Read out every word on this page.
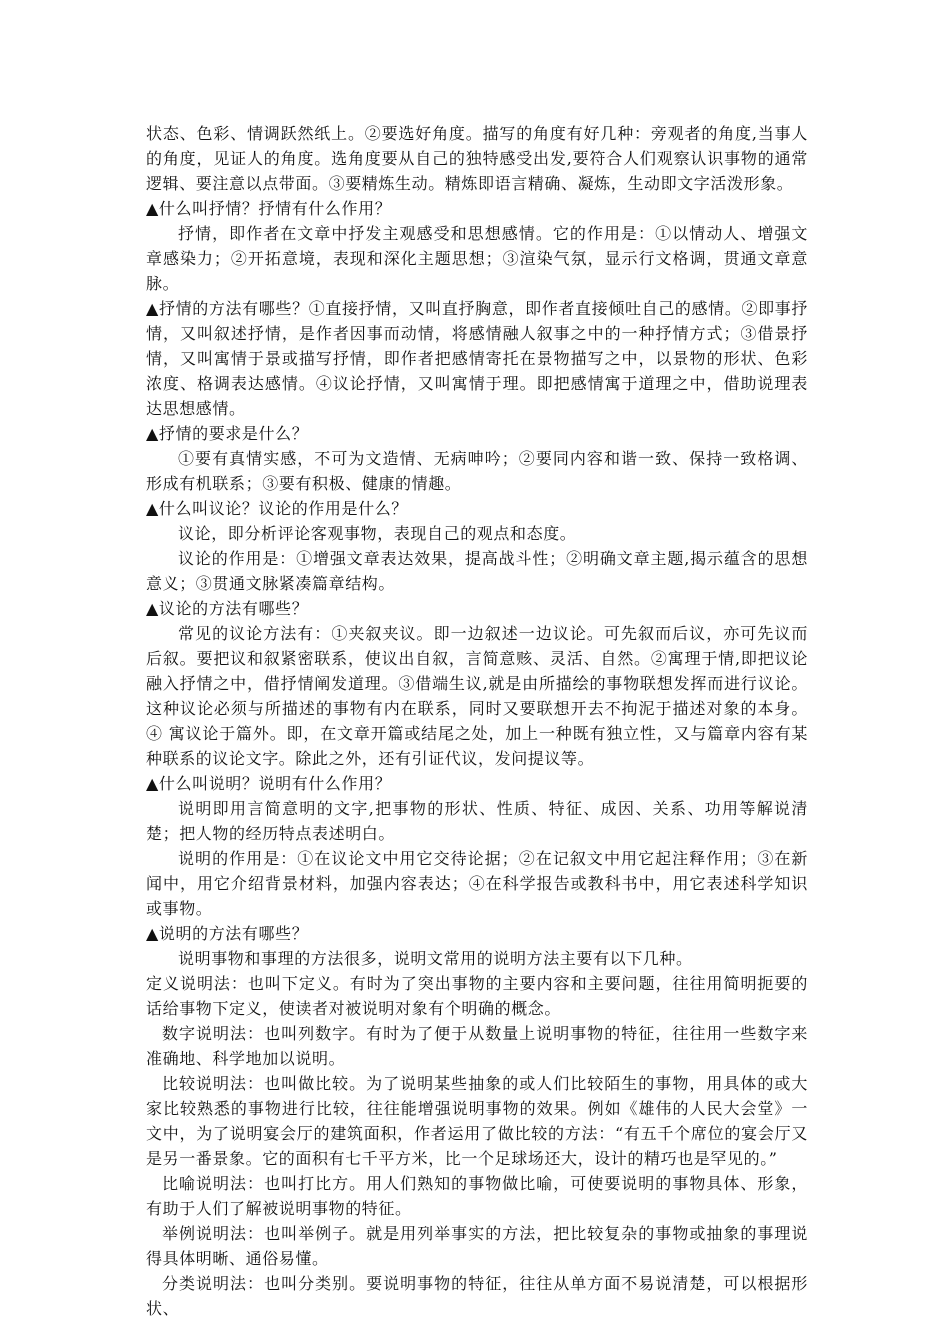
状态、色彩、情调跃然纸上。②要选好角度。描写的角度有好几种：旁观者的角度,当事人的角度，见证人的角度。选角度要从自己的独特感受出发,要符合人们观察认识事物的通常逻辑、要注意以点带面。③要精炼生动。精炼即语言精确、凝炼，生动即文字活泼形象。

▲什么叫抒情？抒情有什么作用？

抒情，即作者在文章中抒发主观感受和思想感情。它的作用是：①以情动人、增强文章感染力；②开拓意境，表现和深化主题思想；③渲染气氛，显示行文格调，贯通文章意脉。

▲抒情的方法有哪些？①直接抒情，又叫直抒胸意，即作者直接倾吐自己的感情。②即事抒情，又叫叙述抒情，是作者因事而动情，将感情融人叙事之中的一种抒情方式；③借景抒情，又叫寓情于景或描写抒情，即作者把感情寄托在景物描写之中，以景物的形状、色彩浓度、格调表达感情。④议论抒情，又叫寓情于理。即把感情寓于道理之中，借助说理表达思想感情。

▲抒情的要求是什么？

①要有真情实感，不可为文造情、无病呻吟；②要同内容和谐一致、保持一致格调、形成有机联系；③要有积极、健康的情趣。

▲什么叫议论？议论的作用是什么？

议论，即分析评论客观事物，表现自己的观点和态度。

议论的作用是：①增强文章表达效果，提高战斗性；②明确文章主题,揭示蕴含的思想意义；③贯通文脉紧凑篇章结构。

▲议论的方法有哪些？

常见的议论方法有：①夹叙夹议。即一边叙述一边议论。可先叙而后议，亦可先议而后叙。要把议和叙紧密联系，使议出自叙，言简意赅、灵活、自然。②寓理于情,即把议论融入抒情之中，借抒情阐发道理。③借端生议,就是由所描绘的事物联想发挥而进行议论。这种议论必须与所描述的事物有内在联系，同时又要联想开去不拘泥于描述对象的本身。 ④ 寓议论于篇外。即，在文章开篇或结尾之处，加上一种既有独立性，又与篇章内容有某种联系的议论文字。除此之外，还有引证代议，发问提议等。

▲什么叫说明？说明有什么作用？

说明即用言简意明的文字,把事物的形状、性质、特征、成因、关系、功用等解说清楚；把人物的经历特点表述明白。

说明的作用是：①在议论文中用它交待论据；②在记叙文中用它起注释作用；③在新闻中，用它介绍背景材料，加强内容表达；④在科学报告或教科书中，用它表述科学知识或事物。

▲说明的方法有哪些？

说明事物和事理的方法很多，说明文常用的说明方法主要有以下几种。

定义说明法：也叫下定义。有时为了突出事物的主要内容和主要问题，往往用简明扼要的话给事物下定义，使读者对被说明对象有个明确的概念。

数字说明法：也叫列数字。有时为了便于从数量上说明事物的特征，往往用一些数字来准确地、科学地加以说明。

比较说明法：也叫做比较。为了说明某些抽象的或人们比较陌生的事物，用具体的或大家比较熟悉的事物进行比较，往往能增强说明事物的效果。例如《雄伟的人民大会堂》一文中，为了说明宴会厅的建筑面积，作者运用了做比较的方法：“有五千个席位的宴会厅又是另一番景象。它的面积有七千平方米，比一个足球场还大，设计的精巧也是罕见的。”

比喻说明法：也叫打比方。用人们熟知的事物做比喻，可使要说明的事物具体、形象，有助于人们了解被说明事物的特征。

举例说明法：也叫举例子。就是用列举事实的方法，把比较复杂的事物或抽象的事理说得具体明晰、通俗易懂。

分类说明法：也叫分类别。要说明事物的特征，往往从单方面不易说清楚，可以根据形状、
